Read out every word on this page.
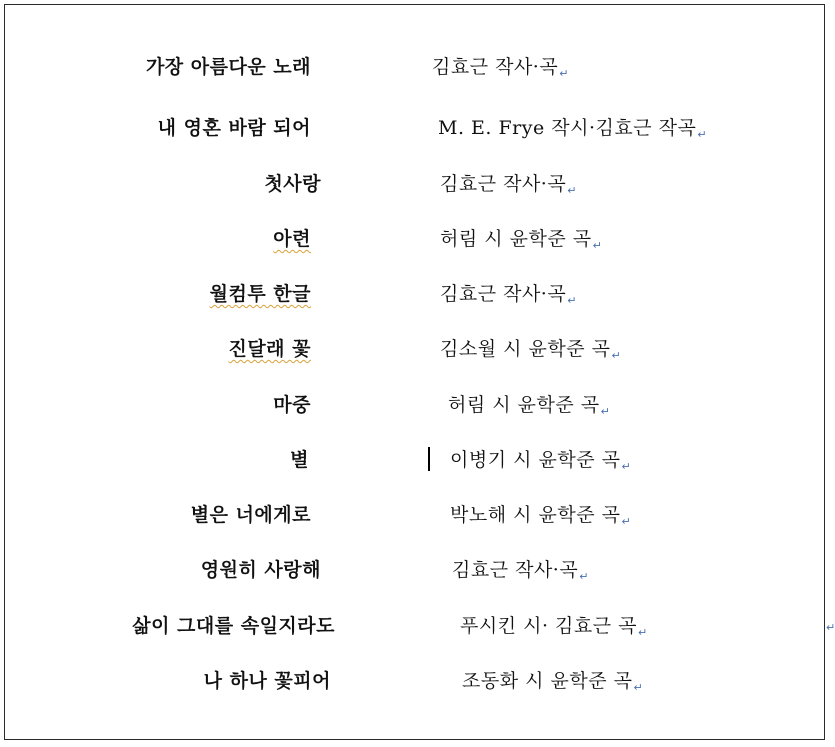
가장 아름다운 노래	김효근 작사·곡↵
내 영혼 바람 되어	M. E. Frye 작시·김효근 작곡↵
첫사랑	김효근 작사·곡↵
아련	허림 시 윤학준 곡↵
월컴투 한글	김효근 작사·곡↵
진달래 꽃	김소월 시 윤학준 곡↵
마중	허림 시 윤학준 곡↵
별	이병기 시 윤학준 곡↵
별은 너에게로	박노해 시 윤학준 곡↵
영원히 사랑해	김효근 작사·곡↵
삶이 그대를 속일지라도	푸시킨 시· 김효근 곡↵
나 하나 꽃피어	조동화 시 윤학준 곡↵
↵
